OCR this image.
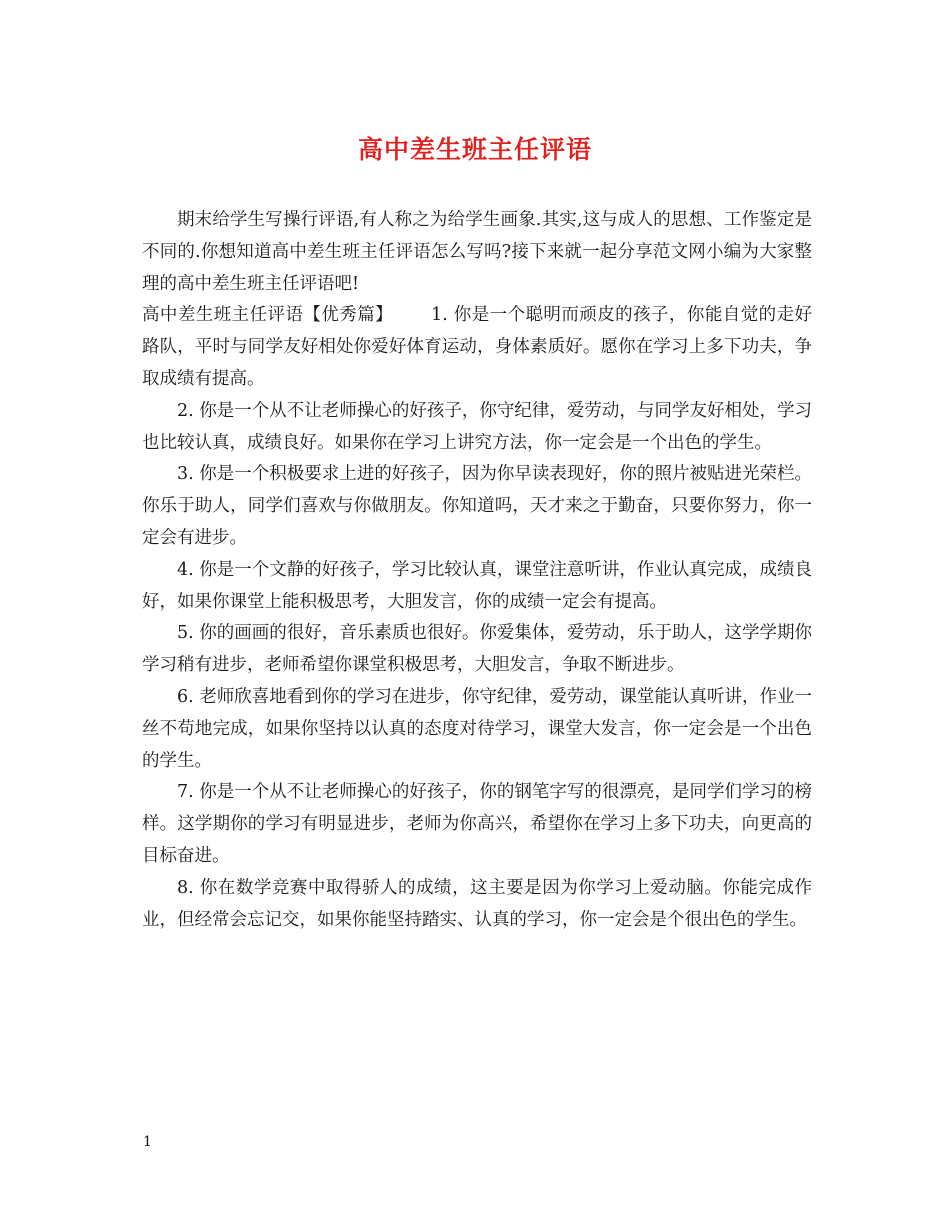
高中差生班主任评语

期末给学生写操行评语,有人称之为给学生画象.其实,这与成人的思想、工作鉴定是不同的.你想知道高中差生班主任评语怎么写吗?接下来就一起分享范文网小编为大家整理的高中差生班主任评语吧!

高中差生班主任评语【优秀篇】 1. 你是一个聪明而顽皮的孩子，你能自觉的走好路队，平时与同学友好相处你爱好体育运动，身体素质好。愿你在学习上多下功夫，争取成绩有提高。

2. 你是一个从不让老师操心的好孩子，你守纪律，爱劳动，与同学友好相处，学习也比较认真，成绩良好。如果你在学习上讲究方法，你一定会是一个出色的学生。

3. 你是一个积极要求上进的好孩子，因为你早读表现好，你的照片被贴进光荣栏。你乐于助人，同学们喜欢与你做朋友。你知道吗，天才来之于勤奋，只要你努力，你一定会有进步。

4. 你是一个文静的好孩子，学习比较认真，课堂注意听讲，作业认真完成，成绩良好，如果你课堂上能积极思考，大胆发言，你的成绩一定会有提高。

5. 你的画画的很好，音乐素质也很好。你爱集体，爱劳动，乐于助人，这学学期你学习稍有进步，老师希望你课堂积极思考，大胆发言，争取不断进步。

6. 老师欣喜地看到你的学习在进步，你守纪律，爱劳动，课堂能认真听讲，作业一丝不苟地完成，如果你坚持以认真的态度对待学习，课堂大发言，你一定会是一个出色的学生。

7. 你是一个从不让老师操心的好孩子，你的钢笔字写的很漂亮，是同学们学习的榜样。这学期你的学习有明显进步，老师为你高兴，希望你在学习上多下功夫，向更高的目标奋进。

8. 你在数学竞赛中取得骄人的成绩，这主要是因为你学习上爱动脑。你能完成作业，但经常会忘记交，如果你能坚持踏实、认真的学习，你一定会是个很出色的学生。

1
